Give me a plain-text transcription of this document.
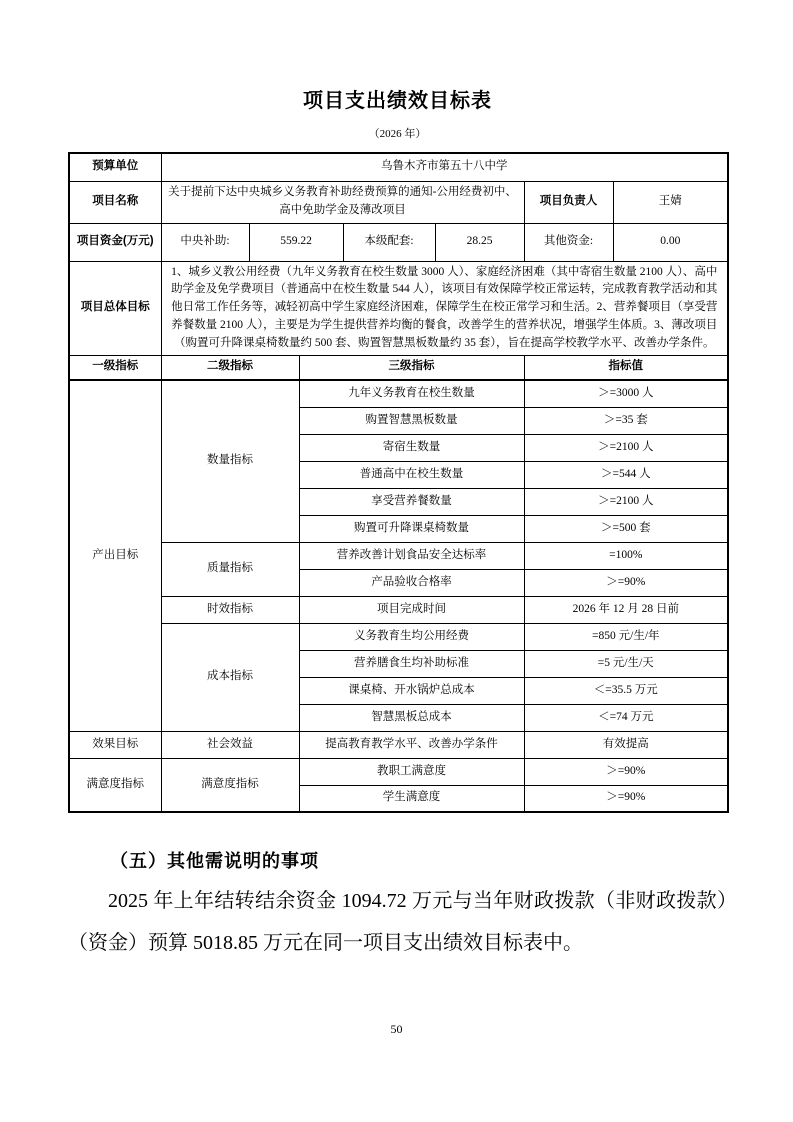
项目支出绩效目标表
（2026 年）
预算单位	乌鲁木齐市第五十八中学						
项目名称	关于提前下达中央城乡义务教育补助经费预算的通知-公用经费初中、高中免助学金及薄改项目					项目负责人	王婧
项目资金(万元)	中央补助:	559.22		本级配套:	28.25	其他资金:	0.00
项目总体目标	1、城乡义教公用经费（九年义务教育在校生数量 3000 人）、家庭经济困难（其中寄宿生数量 2100 人）、高中助学金及免学费项目（普通高中在校生数量 544 人），该项目有效保障学校正常运转，完成教育教学活动和其他日常工作任务等，减轻初高中学生家庭经济困难，保障学生在校正常学习和生活。2、营养餐项目（享受营养餐数量 2100 人），主要是为学生提供营养均衡的餐食，改善学生的营养状况，增强学生体质。3、薄改项目（购置可升降课桌椅数量约 500 套、购置智慧黑板数量约 35 套），旨在提高学校教学水平、改善办学条件。						
一级指标	二级指标		三级指标			指标值	
产出目标	数量指标		九年义务教育在校生数量			＞=3000 人	
			购置智慧黑板数量			＞=35 套	
			寄宿生数量			＞=2100 人	
			普通高中在校生数量			＞=544 人	
			享受营养餐数量			＞=2100 人	
			购置可升降课桌椅数量			＞=500 套	
	质量指标		营养改善计划食品安全达标率			=100%	
			产品验收合格率			＞=90%	
	时效指标		项目完成时间			2026 年 12 月 28 日前	
	成本指标		义务教育生均公用经费			=850 元/生/年	
			营养膳食生均补助标准			=5 元/生/天	
			课桌椅、开水锅炉总成本			＜=35.5 万元	
			智慧黑板总成本			＜=74 万元	
效果目标	社会效益		提高教育教学水平、改善办学条件			有效提高	
满意度指标	满意度指标		教职工满意度			＞=90%	
			学生满意度			＞=90%	
（五）其他需说明的事项
2025 年上年结转结余资金 1094.72 万元与当年财政拨款（非财政拨款）（资金）预算 5018.85 万元在同一项目支出绩效目标表中。
50
